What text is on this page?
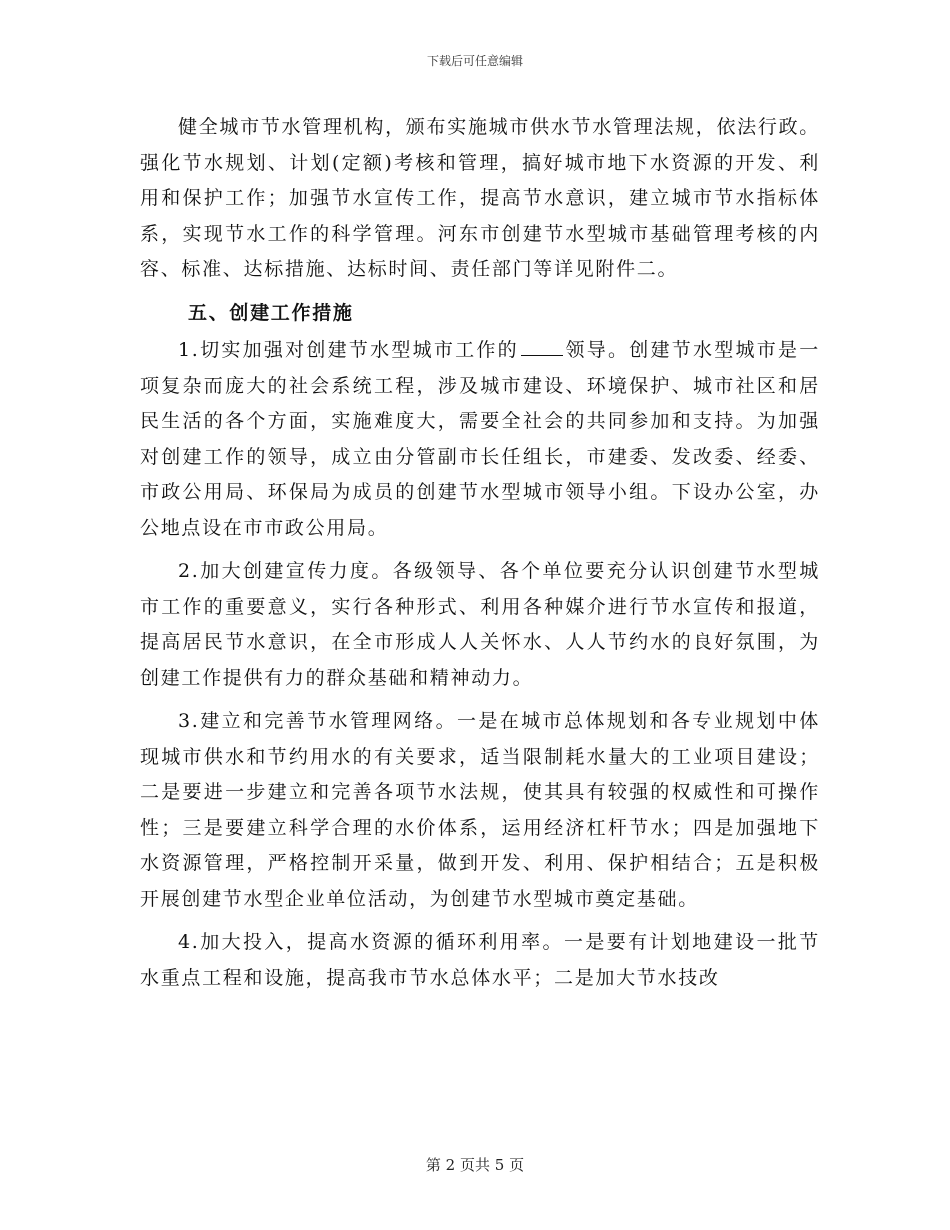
下载后可任意编辑

健全城市节水管理机构，颁布实施城市供水节水管理法规，依法行政。强化节水规划、计划(定额)考核和管理，搞好城市地下水资源的开发、利用和保护工作；加强节水宣传工作，提高节水意识，建立城市节水指标体系，实现节水工作的科学管理。河东市创建节水型城市基础管理考核的内容、标准、达标措施、达标时间、责任部门等详见附件二。

五、创建工作措施

1.切实加强对创建节水型城市工作的 领导。创建节水型城市是一项复杂而庞大的社会系统工程，涉及城市建设、环境保护、城市社区和居民生活的各个方面，实施难度大，需要全社会的共同参加和支持。为加强对创建工作的领导，成立由分管副市长任组长，市建委、发改委、经委、市政公用局、环保局为成员的创建节水型城市领导小组。下设办公室，办公地点设在市市政公用局。

2.加大创建宣传力度。各级领导、各个单位要充分认识创建节水型城市工作的重要意义，实行各种形式、利用各种媒介进行节水宣传和报道，提高居民节水意识，在全市形成人人关怀水、人人节约水的良好氛围，为创建工作提供有力的群众基础和精神动力。

3.建立和完善节水管理网络。一是在城市总体规划和各专业规划中体现城市供水和节约用水的有关要求，适当限制耗水量大的工业项目建设；二是要进一步建立和完善各项节水法规，使其具有较强的权威性和可操作性；三是要建立科学合理的水价体系，运用经济杠杆节水；四是加强地下水资源管理，严格控制开采量，做到开发、利用、保护相结合；五是积极开展创建节水型企业单位活动，为创建节水型城市奠定基础。

4.加大投入，提高水资源的循环利用率。一是要有计划地建设一批节水重点工程和设施，提高我市节水总体水平；二是加大节水技改

第 2 页共 5 页
